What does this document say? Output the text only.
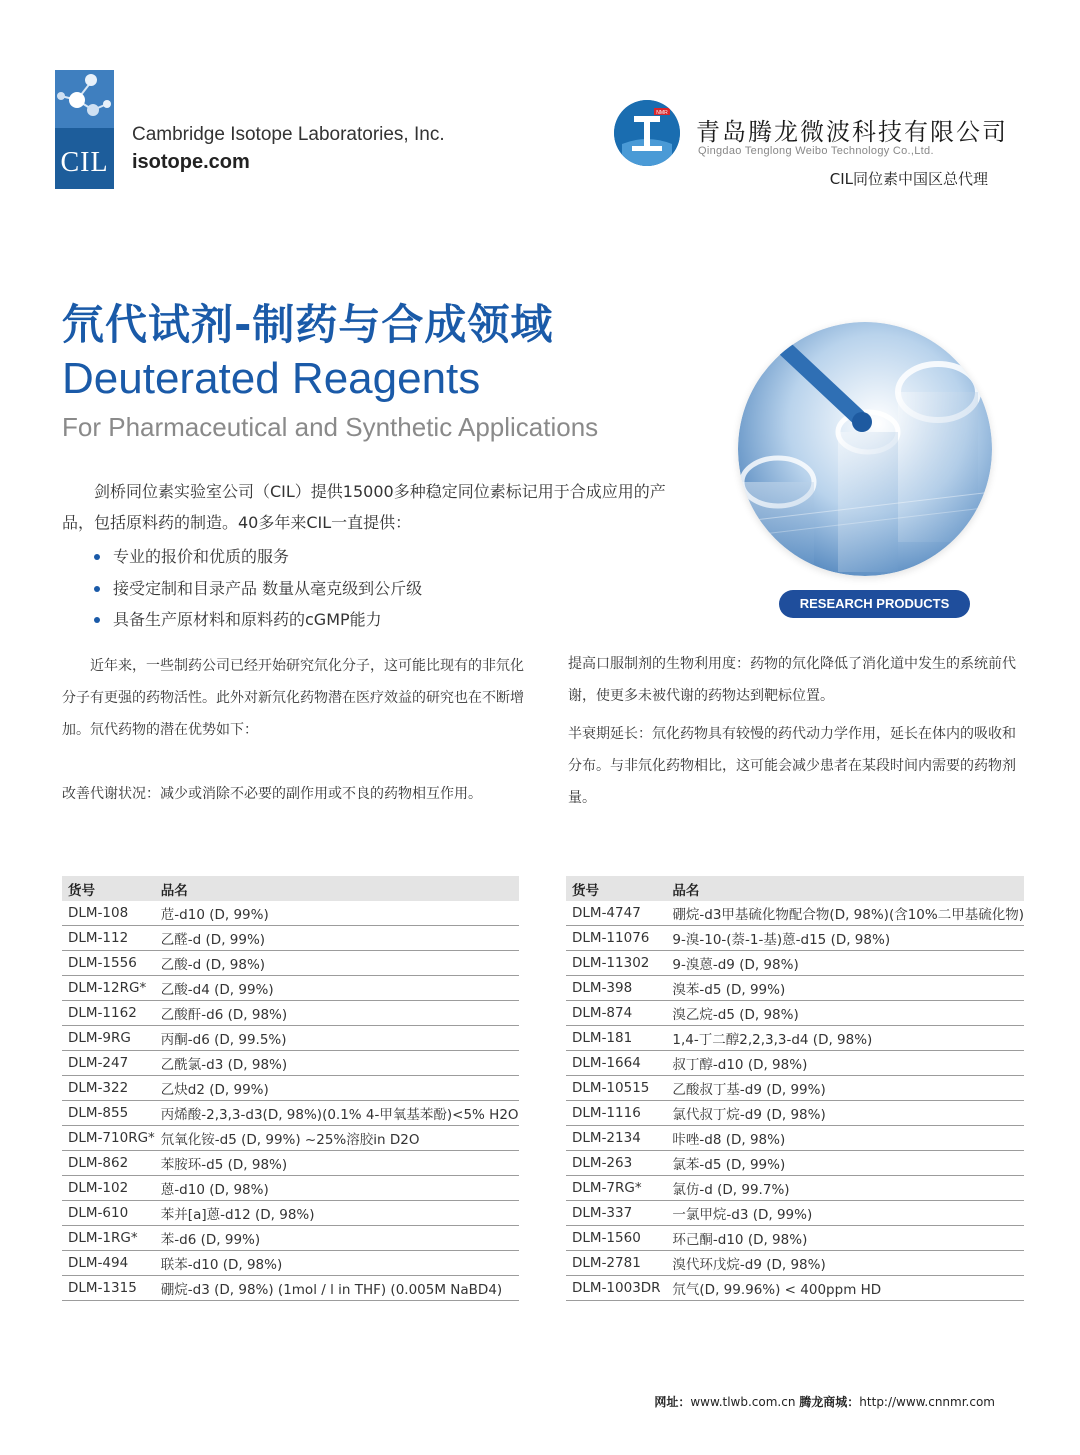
CIL
Cambridge Isotope Laboratories, Inc.
isotope.com
NMR
青岛腾龙微波科技有限公司
Qingdao Tenglong Weibo Technology Co.,Ltd.
CIL同位素中国区总代理
氘代试剂-制药与合成领域
Deuterated Reagents
For Pharmaceutical and Synthetic Applications

剑桥同位素实验室公司（CIL）提供15000多种稳定同位素标记用于合成应用的产品，包括原料药的制造。40多年来CIL一直提供：

专业的报价和优质的服务
接受定制和目录产品 数量从毫克级到公斤级
具备生产原材料和原料药的cGMP能力
RESEARCH PRODUCTS

近年来，一些制药公司已经开始研究氘化分子，这可能比现有的非氘化分子有更强的药物活性。此外对新氘化药物潜在医疗效益的研究也在不断增加。氘代药物的潜在优势如下：

改善代谢状况：减少或消除不必要的副作用或不良的药物相互作用。

提高口服制剂的生物利用度：药物的氘化降低了消化道中发生的系统前代谢，使更多未被代谢的药物达到靶标位置。

半衰期延长：氘化药物具有较慢的药代动力学作用，延长在体内的吸收和分布。与非氘化药物相比，这可能会减少患者在某段时间内需要的药物剂量。

货号	品名
DLM-108	苊-d10 (D, 99%)
DLM-112	乙醛-d (D, 99%)
DLM-1556	乙酸-d (D, 98%)
DLM-12RG*	乙酸-d4 (D, 99%)
DLM-1162	乙酸酐-d6 (D, 98%)
DLM-9RG	丙酮-d6 (D, 99.5%)
DLM-247	乙酰氯-d3 (D, 98%)
DLM-322	乙炔d2 (D, 99%)
DLM-855	丙烯酸-2,3,3-d3(D, 98%)(0.1% 4-甲氧基苯酚)<5% H2O
DLM-710RG*	氘氧化铵-d5 (D, 99%) ~25%溶胶in D2O
DLM-862	苯胺环-d5 (D, 98%)
DLM-102	蒽-d10 (D, 98%)
DLM-610	苯并[a]蒽-d12 (D, 98%)
DLM-1RG*	苯-d6 (D, 99%)
DLM-494	联苯-d10 (D, 98%)
DLM-1315	硼烷-d3 (D, 98%) (1mol / l in THF) (0.005M NaBD4)
货号	品名
DLM-4747	硼烷-d3甲基硫化物配合物(D, 98%)(含10%二甲基硫化物)
DLM-11076	9-溴-10-(萘-1-基)蒽-d15 (D, 98%)
DLM-11302	9-溴蒽-d9 (D, 98%)
DLM-398	溴苯-d5 (D, 99%)
DLM-874	溴乙烷-d5 (D, 98%)
DLM-181	1,4-丁二醇2,2,3,3-d4 (D, 98%)
DLM-1664	叔丁醇-d10 (D, 98%)
DLM-10515	乙酸叔丁基-d9 (D, 99%)
DLM-1116	氯代叔丁烷-d9 (D, 98%)
DLM-2134	咔唑-d8 (D, 98%)
DLM-263	氯苯-d5 (D, 99%)
DLM-7RG*	氯仿-d (D, 99.7%)
DLM-337	一氯甲烷-d3 (D, 99%)
DLM-1560	环己酮-d10 (D, 98%)
DLM-2781	溴代环戊烷-d9 (D, 98%)
DLM-1003DR	氘气(D, 99.96%) < 400ppm HD
网址：www.tlwb.com.cn 腾龙商城：http://www.cnnmr.com
